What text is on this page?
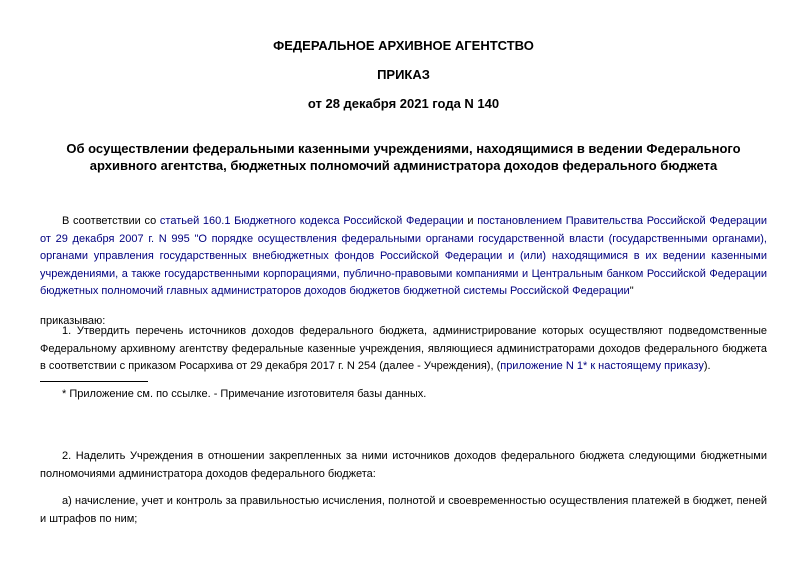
ФЕДЕРАЛЬНОЕ АРХИВНОЕ АГЕНТСТВО
ПРИКАЗ
от 28 декабря 2021 года N 140
Об осуществлении федеральными казенными учреждениями, находящимися в ведении Федерального архивного агентства, бюджетных полномочий администратора доходов федерального бюджета
В соответствии со статьей 160.1 Бюджетного кодекса Российской Федерации и постановлением Правительства Российской Федерации от 29 декабря 2007 г. N 995 "О порядке осуществления федеральными органами государственной власти (государственными органами), органами управления государственных внебюджетных фондов Российской Федерации и (или) находящимися в их ведении казенными учреждениями, а также государственными корпорациями, публично-правовыми компаниями и Центральным банком Российской Федерации бюджетных полномочий главных администраторов доходов бюджетов бюджетной системы Российской Федерации"
приказываю:
1. Утвердить перечень источников доходов федерального бюджета, администрирование которых осуществляют подведомственные Федеральному архивному агентству федеральные казенные учреждения, являющиеся администраторами доходов федерального бюджета в соответствии с приказом Росархива от 29 декабря 2017 г. N 254 (далее - Учреждения), (приложение N 1* к настоящему приказу).
* Приложение см. по ссылке. - Примечание изготовителя базы данных.
2. Наделить Учреждения в отношении закрепленных за ними источников доходов федерального бюджета следующими бюджетными полномочиями администратора доходов федерального бюджета:
а) начисление, учет и контроль за правильностью исчисления, полнотой и своевременностью осуществления платежей в бюджет, пеней и штрафов по ним;
